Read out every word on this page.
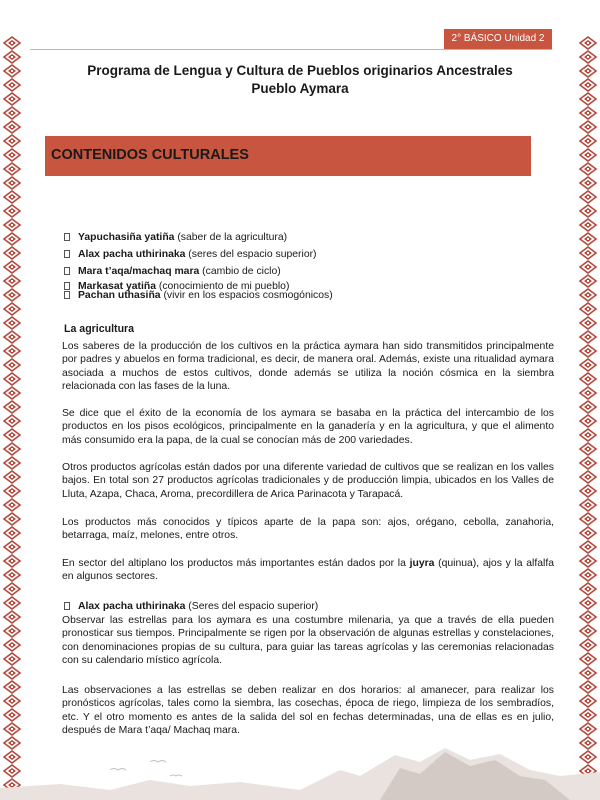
2° BÁSICO Unidad 2
Programa de Lengua y Cultura de Pueblos originarios Ancestrales
Pueblo Aymara
CONTENIDOS CULTURALES
Yapuchasiña yatiña (saber de la agricultura)
Alax pacha uthirinaka (seres del espacio superior)
Mara t’aqa/machaq mara (cambio de ciclo)
Markasat yatiña (conocimiento de mi pueblo)
Pachan uthasiña (vivir en los espacios cosmogónicos)
La agricultura
Los saberes de la producción de los cultivos en la práctica aymara han sido transmitidos principalmente por padres y abuelos en forma tradicional, es decir, de manera oral. Además, existe una ritualidad aymara asociada a muchos de estos cultivos, donde además se utiliza la noción cósmica en la siembra relacionada con las fases de la luna.
Se dice que el éxito de la economía de los aymara se basaba en la práctica del intercambio de los productos en los pisos ecológicos, principalmente en la ganadería y en la agricultura, y que el alimento más consumido era la papa, de la cual se conocían más de 200 variedades.
Otros productos agrícolas están dados por una diferente variedad de cultivos que se realizan en los valles bajos. En total son 27 productos agrícolas tradicionales y de producción limpia, ubicados en los Valles de Lluta, Azapa, Chaca, Aroma, precordillera de Arica Parinacota y Tarapacá.
Los productos más conocidos y típicos aparte de la papa son: ajos, orégano, cebolla, zanahoria, betarraga, maíz, melones, entre otros.
En sector del altiplano los productos más importantes están dados por la juyra (quinua), ajos y la alfalfa en algunos sectores.
Alax pacha uthirinaka (Seres del espacio superior)
Observar las estrellas para los aymara es una costumbre milenaria, ya que a través de ella pueden pronosticar sus tiempos. Principalmente se rigen por la observación de algunas estrellas y constelaciones, con denominaciones propias de su cultura, para guiar las tareas agrícolas y las ceremonias relacionadas con su calendario místico agrícola.
Las observaciones a las estrellas se deben realizar en dos horarios: al amanecer, para realizar los pronósticos agrícolas, tales como la siembra, las cosechas, época de riego, limpieza de los sembradíos, etc. Y el otro momento es antes de la salida del sol en fechas determinadas, una de ellas es en julio, después de Mara t’aqa/ Machaq mara.
